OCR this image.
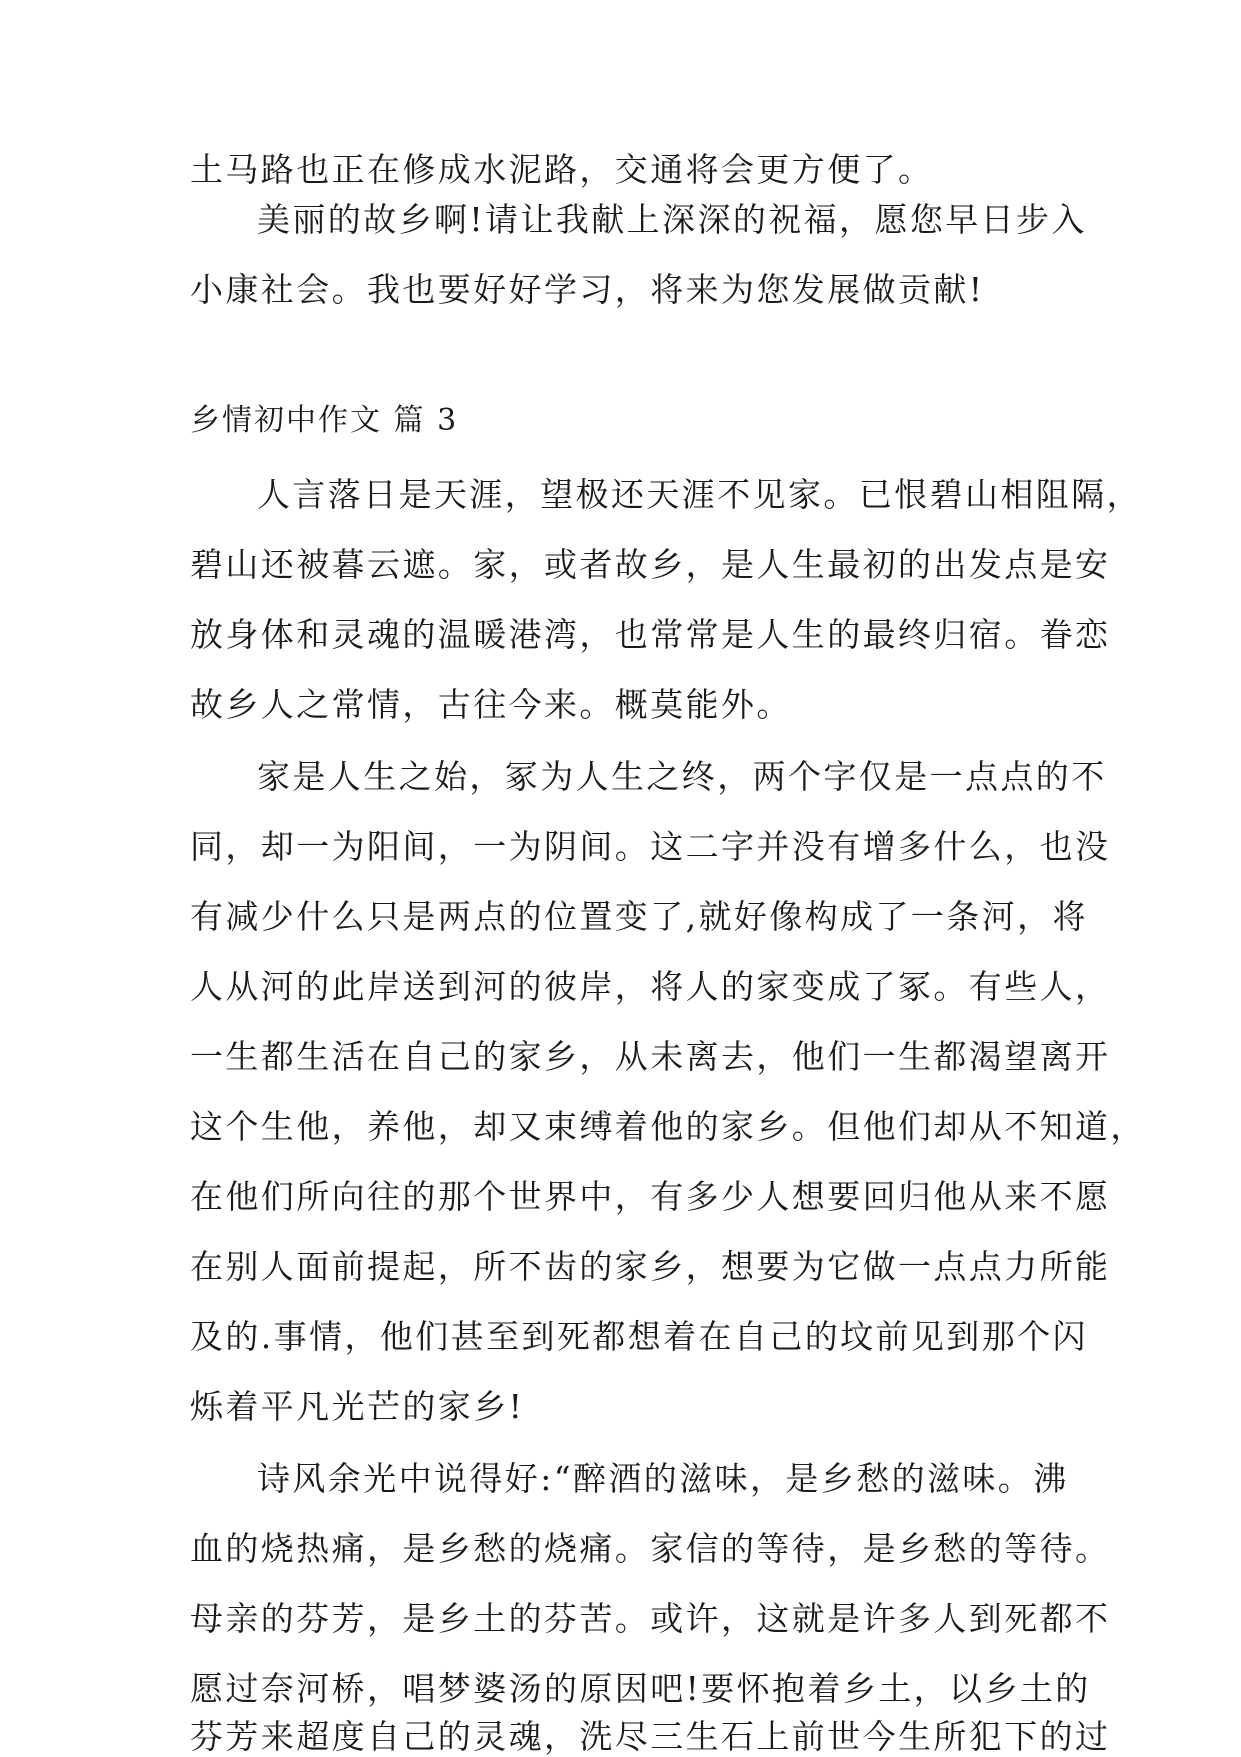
土马路也正在修成水泥路，交通将会更方便了。
美丽的故乡啊!请让我献上深深的祝福，愿您早日步入
小康社会。我也要好好学习，将来为您发展做贡献!
乡情初中作文 篇 3
人言落日是天涯，望极还天涯不见家。已恨碧山相阻隔，
碧山还被暮云遮。家，或者故乡，是人生最初的出发点是安
放身体和灵魂的温暖港湾，也常常是人生的最终归宿。眷恋
故乡人之常情，古往今来。概莫能外。
家是人生之始，冢为人生之终，两个字仅是一点点的不
同，却一为阳间，一为阴间。这二字并没有增多什么，也没
有减少什么只是两点的位置变了,就好像构成了一条河，将
人从河的此岸送到河的彼岸，将人的家变成了冢。有些人，
一生都生活在自己的家乡，从未离去，他们一生都渴望离开
这个生他，养他，却又束缚着他的家乡。但他们却从不知道，
在他们所向往的那个世界中，有多少人想要回归他从来不愿
在别人面前提起，所不齿的家乡，想要为它做一点点力所能
及的.事情，他们甚至到死都想着在自己的坟前见到那个闪
烁着平凡光芒的家乡!
诗风余光中说得好:“醉酒的滋味，是乡愁的滋味。沸
血的烧热痛，是乡愁的烧痛。家信的等待，是乡愁的等待。
母亲的芬芳，是乡土的芬苦。或许，这就是许多人到死都不
愿过奈河桥，唱梦婆汤的原因吧!要怀抱着乡土，以乡土的
芬芳来超度自己的灵魂，洗尽三生石上前世今生所犯下的过
